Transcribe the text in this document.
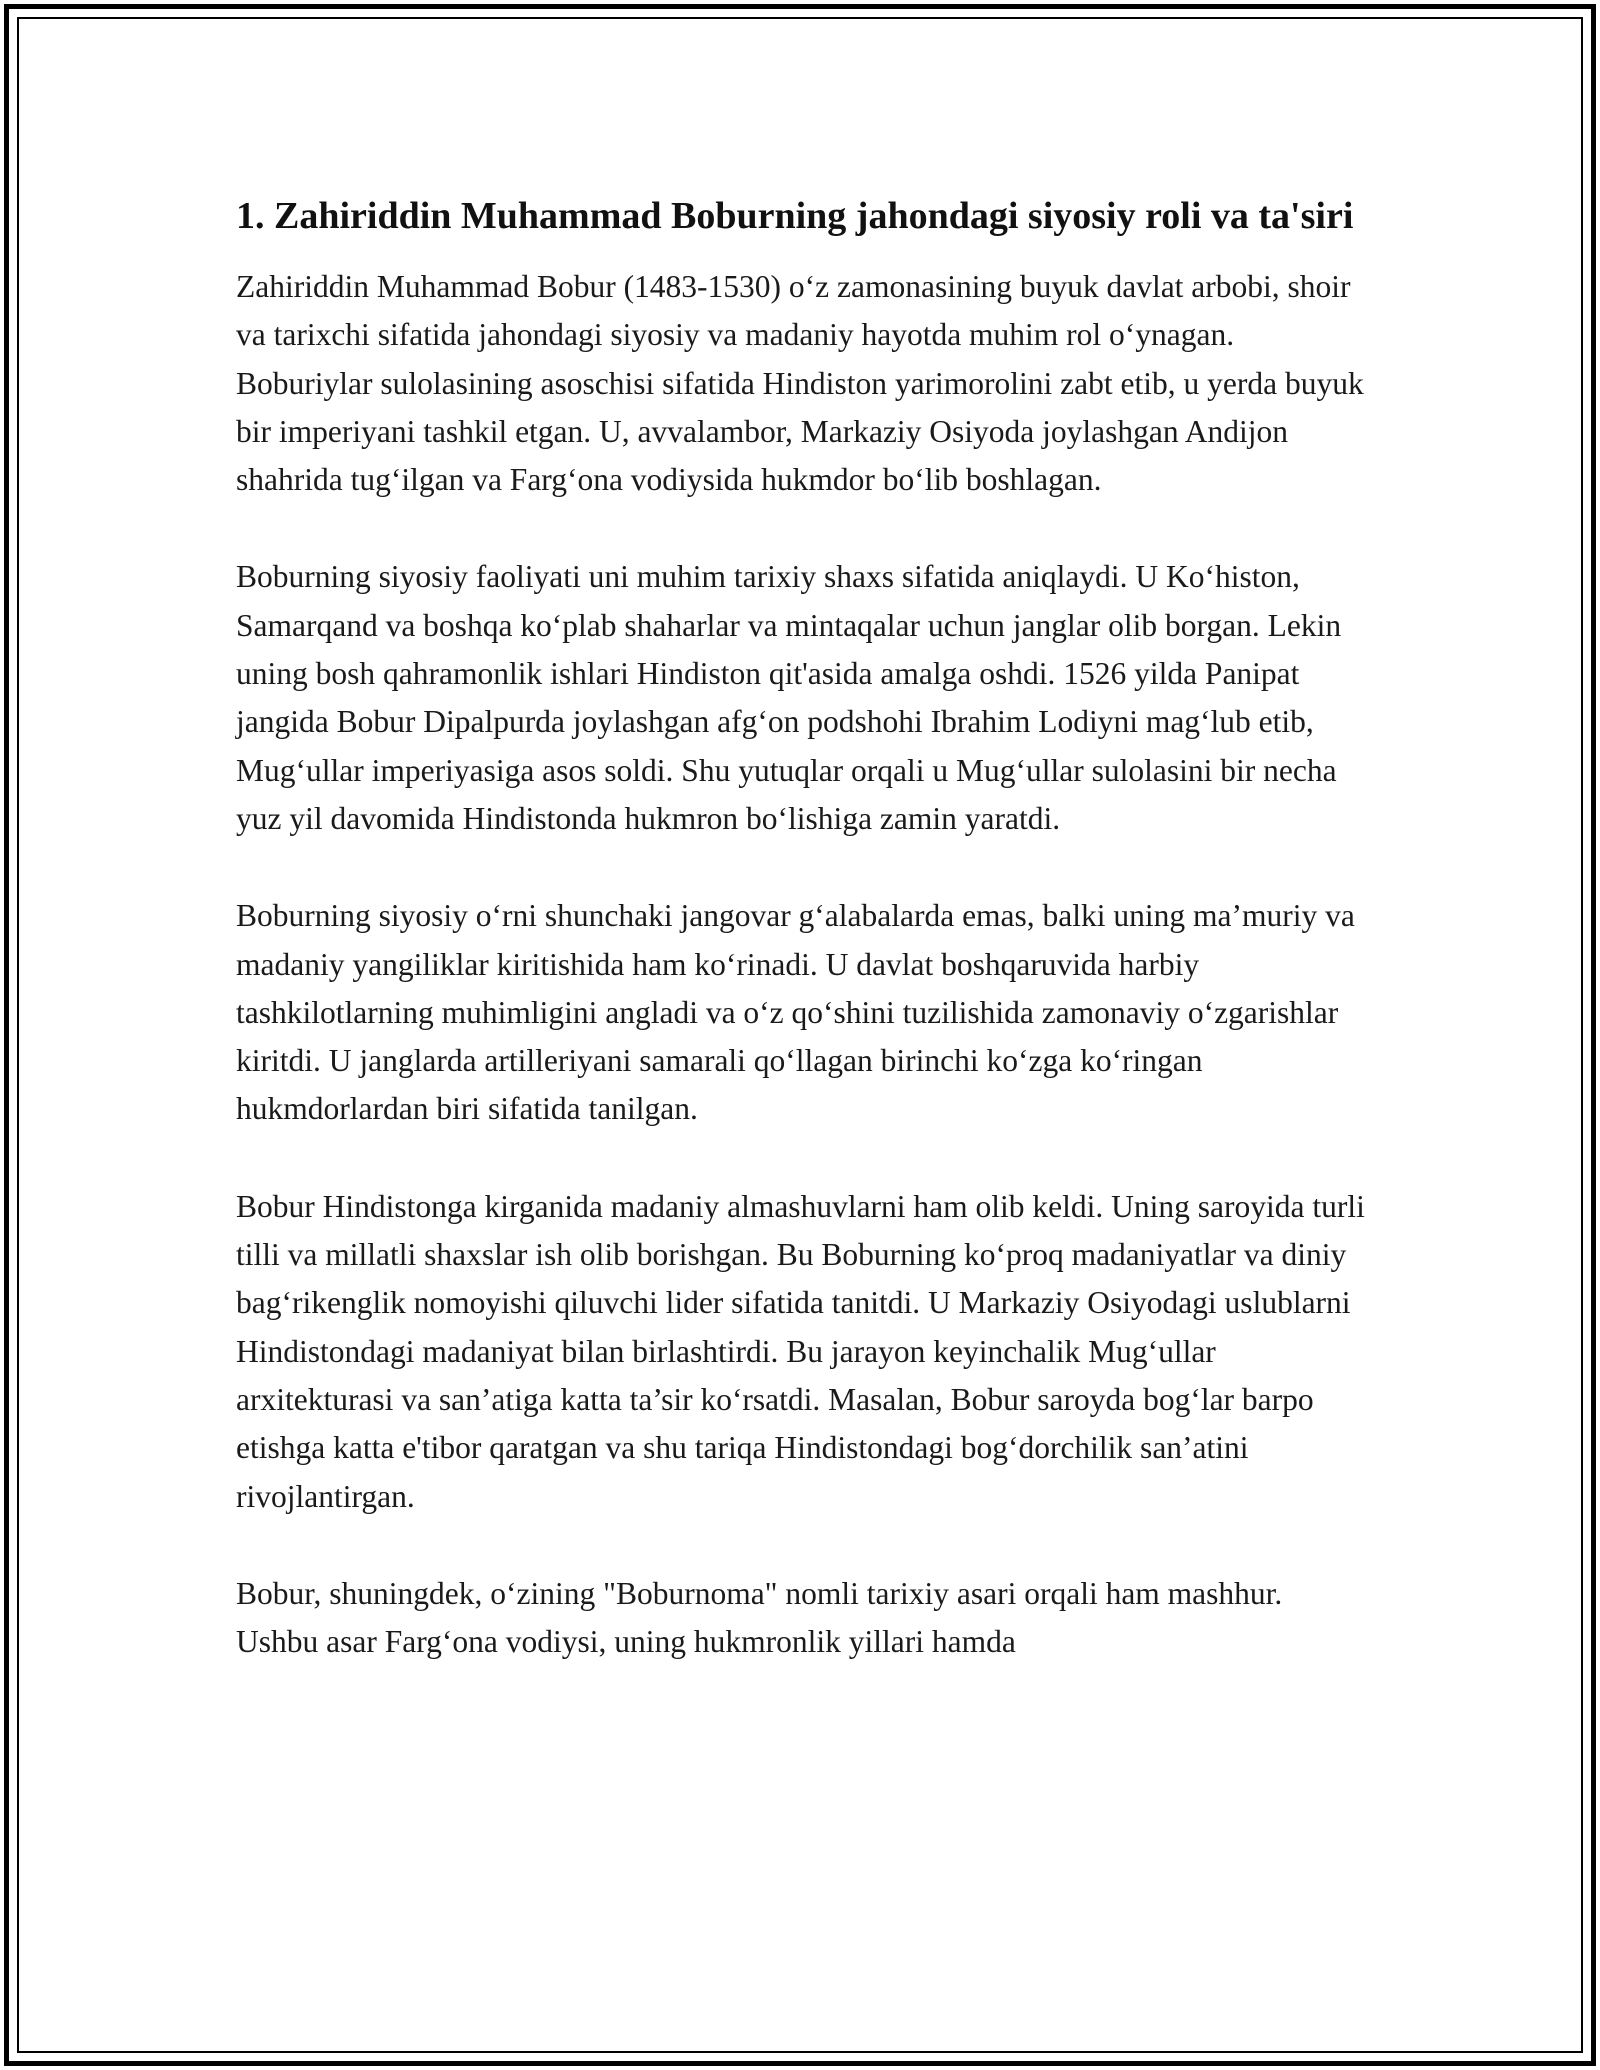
1. Zahiriddin Muhammad Boburning jahondagi siyosiy roli va ta'siri

Zahiriddin Muhammad Bobur (1483-1530) o‘z zamonasining buyuk davlat arbobi, shoir va tarixchi sifatida jahondagi siyosiy va madaniy hayotda muhim rol o‘ynagan. Boburiylar sulolasining asoschisi sifatida Hindiston yarimorolini zabt etib, u yerda buyuk bir imperiyani tashkil etgan. U, avvalambor, Markaziy Osiyoda joylashgan Andijon shahrida tug‘ilgan va Farg‘ona vodiysida hukmdor bo‘lib boshlagan.

Boburning siyosiy faoliyati uni muhim tarixiy shaxs sifatida aniqlaydi. U Ko‘histon, Samarqand va boshqa ko‘plab shaharlar va mintaqalar uchun janglar olib borgan. Lekin uning bosh qahramonlik ishlari Hindiston qit'asida amalga oshdi. 1526 yilda Panipat jangida Bobur Dipalpurda joylashgan afg‘on podshohi Ibrahim Lodiyni mag‘lub etib, Mug‘ullar imperiyasiga asos soldi. Shu yutuqlar orqali u Mug‘ullar sulolasini bir necha yuz yil davomida Hindistonda hukmron bo‘lishiga zamin yaratdi.

Boburning siyosiy o‘rni shunchaki jangovar g‘alabalarda emas, balki uning ma’muriy va madaniy yangiliklar kiritishida ham ko‘rinadi. U davlat boshqaruvida harbiy tashkilotlarning muhimligini angladi va o‘z qo‘shini tuzilishida zamonaviy o‘zgarishlar kiritdi. U janglarda artilleriyani samarali qo‘llagan birinchi ko‘zga ko‘ringan hukmdorlardan biri sifatida tanilgan.

Bobur Hindistonga kirganida madaniy almashuvlarni ham olib keldi. Uning saroyida turli tilli va millatli shaxslar ish olib borishgan. Bu Boburning ko‘proq madaniyatlar va diniy bag‘rikenglik nomoyishi qiluvchi lider sifatida tanitdi. U Markaziy Osiyodagi uslublarni Hindistondagi madaniyat bilan birlashtirdi. Bu jarayon keyinchalik Mug‘ullar arxitekturasi va san’atiga katta ta’sir ko‘rsatdi. Masalan, Bobur saroyda bog‘lar barpo etishga katta e'tibor qaratgan va shu tariqa Hindistondagi bog‘dorchilik san’atini rivojlantirgan.

Bobur, shuningdek, o‘zining "Boburnoma" nomli tarixiy asari orqali ham mashhur. Ushbu asar Farg‘ona vodiysi, uning hukmronlik yillari hamda
